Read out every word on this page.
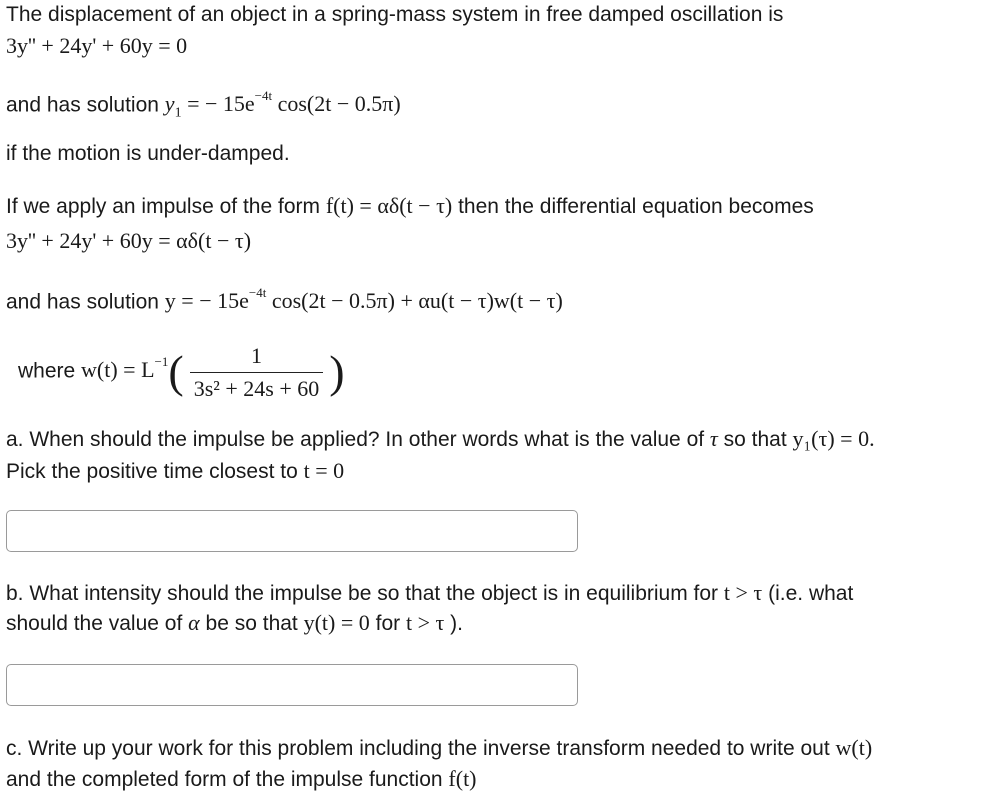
The displacement of an object in a spring-mass system in free damped oscillation is
3y'' + 24y' + 60y = 0
and has solution $y_1$ = − $15e^{-4t}$ cos(2t − 0.5π)
if the motion is under-damped.
If we apply an impulse of the form f(t) = αδ(t − τ) then the differential equation becomes
3y'' + 24y' + 60y = αδ(t − τ)
and has solution y = − $15e^{-4t}$ cos(2t − 0.5π) + αu(t − τ)w(t − τ)
where $w(t) = L^{-1}( \frac{1}{\text{3s² + 24s + 60}}$ )
a. When should the impulse be applied? In other words what is the value of τ so that y₁(τ) = 0.
Pick the positive time closest to t = 0
b. What intensity should the impulse be so that the object is in equilibrium for t > τ (i.e. what
should the value of α be so that y(t) = 0 for t > τ ).
c. Write up your work for this problem including the inverse transform needed to write out w(t)
and the completed form of the impulse function f(t)
